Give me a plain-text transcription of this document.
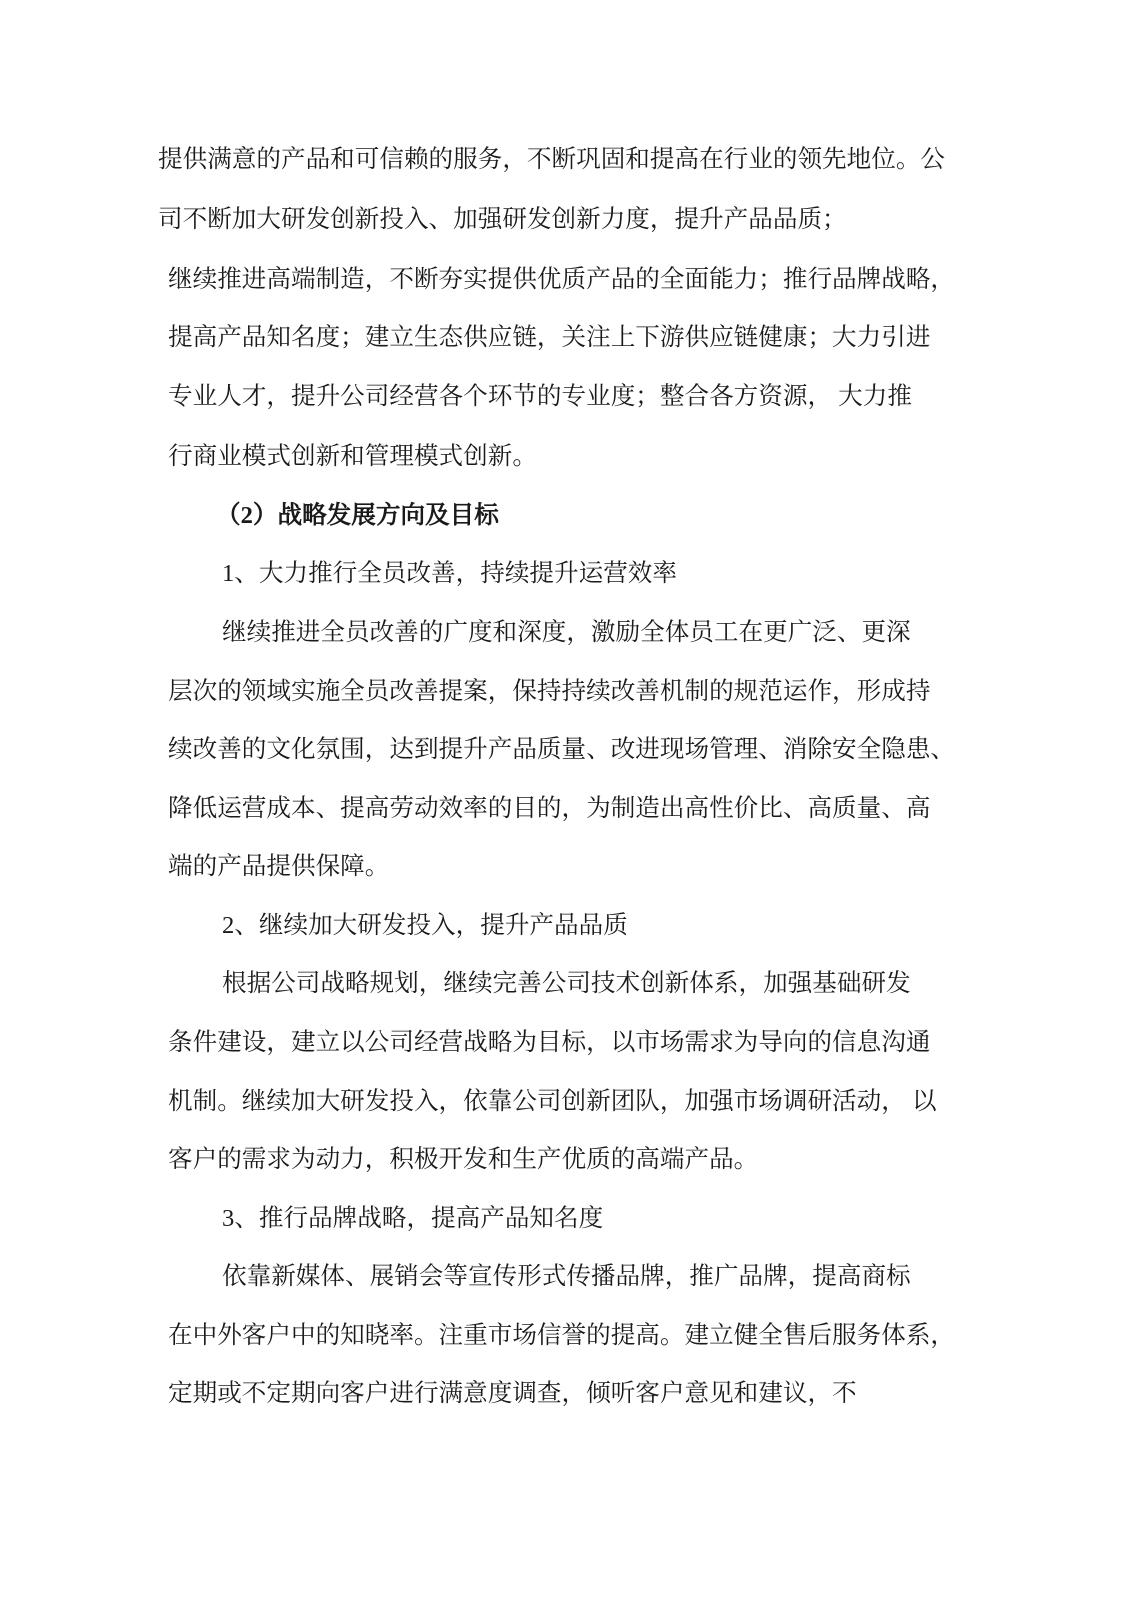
提供满意的产品和可信赖的服务，不断巩固和提高在行业的领先地位。公
司不断加大研发创新投入、加强研发创新力度，提升产品品质；
继续推进高端制造，不断夯实提供优质产品的全面能力；推行品牌战略，
提高产品知名度；建立生态供应链，关注上下游供应链健康；大力引进
专业人才，提升公司经营各个环节的专业度；整合各方资源， 大力推
行商业模式创新和管理模式创新。
（2）战略发展方向及目标
1、大力推行全员改善，持续提升运营效率
继续推进全员改善的广度和深度，激励全体员工在更广泛、更深
层次的领域实施全员改善提案，保持持续改善机制的规范运作，形成持
续改善的文化氛围，达到提升产品质量、改进现场管理、消除安全隐患、
降低运营成本、提高劳动效率的目的，为制造出高性价比、高质量、高
端的产品提供保障。
2、继续加大研发投入，提升产品品质
根据公司战略规划，继续完善公司技术创新体系，加强基础研发
条件建设，建立以公司经营战略为目标，以市场需求为导向的信息沟通
机制。继续加大研发投入，依靠公司创新团队，加强市场调研活动， 以
客户的需求为动力，积极开发和生产优质的高端产品。
3、推行品牌战略，提高产品知名度
依靠新媒体、展销会等宣传形式传播品牌，推广品牌，提高商标
在中外客户中的知晓率。注重市场信誉的提高。建立健全售后服务体系，
定期或不定期向客户进行满意度调查，倾听客户意见和建议，不
